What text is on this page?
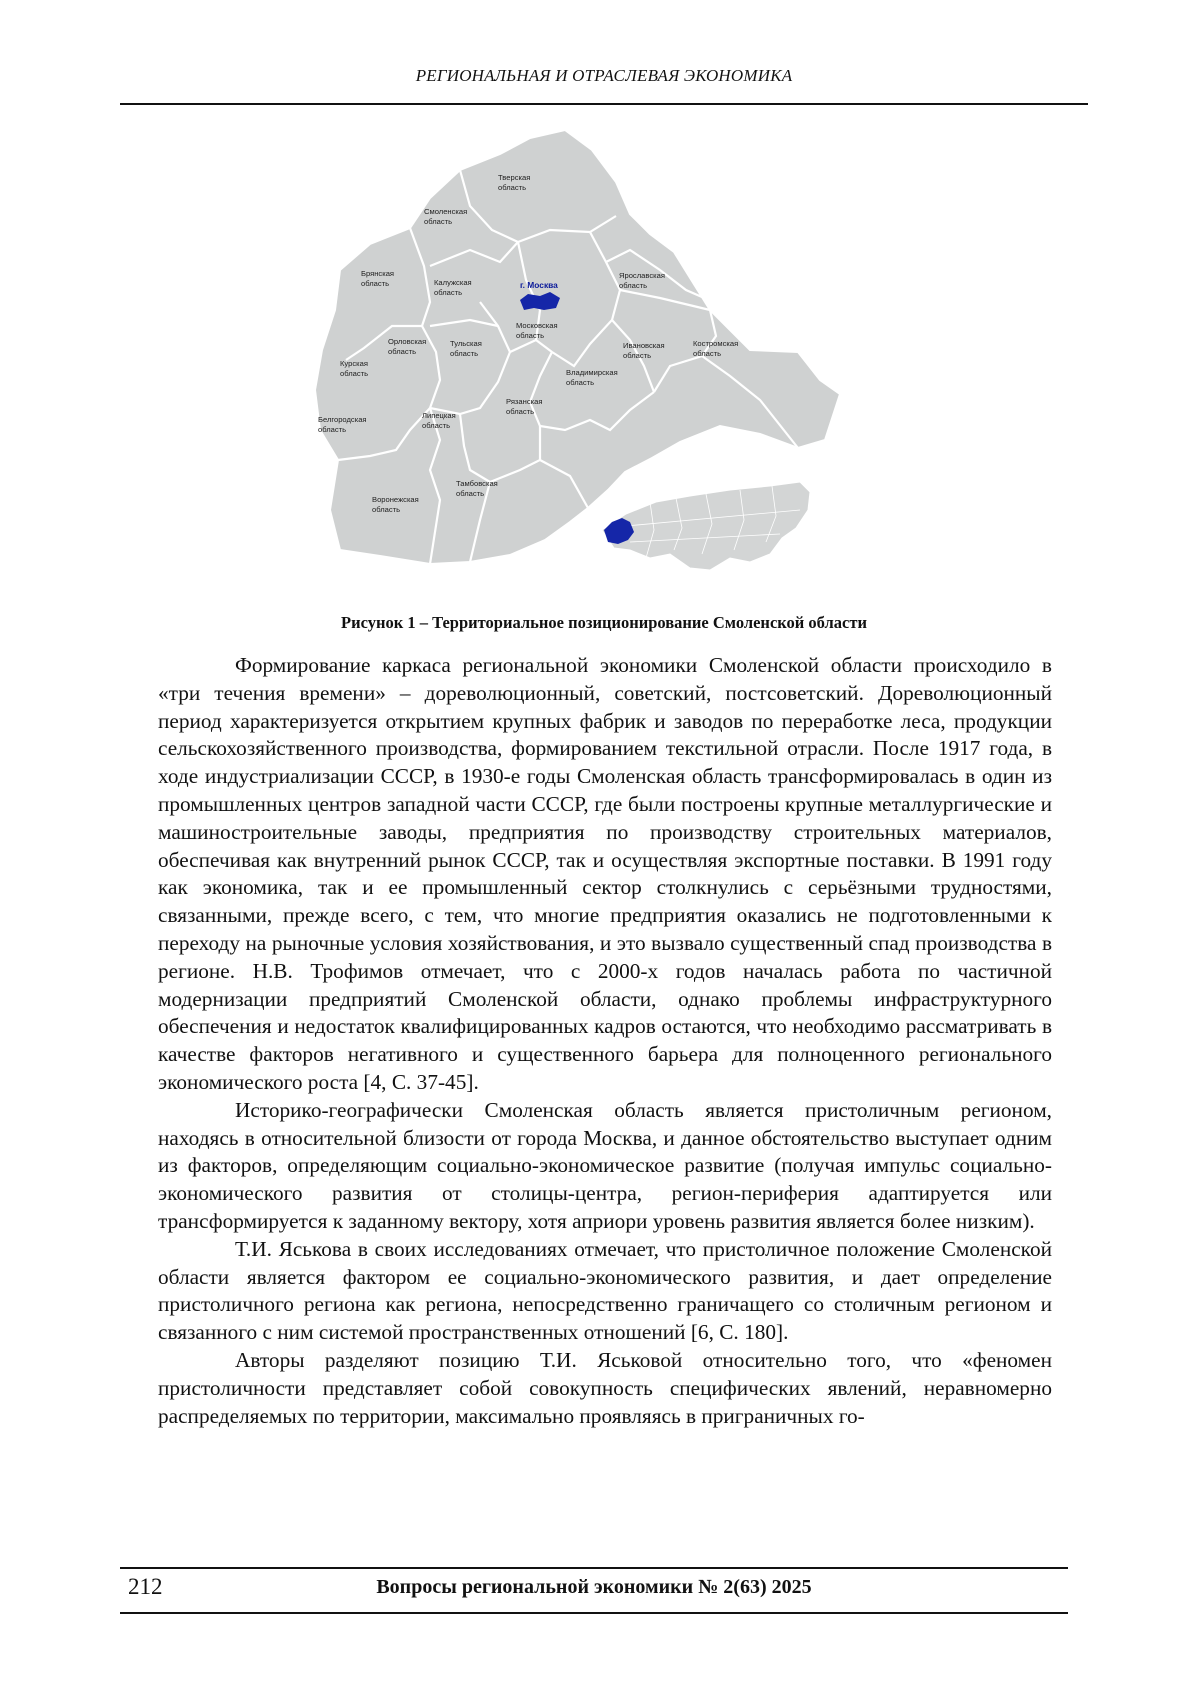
РЕГИОНАЛЬНАЯ И ОТРАСЛЕВАЯ ЭКОНОМИКА
г. Москва
Тверская
область
Смоленская
область
Брянская
область	Калужская
область
Ярославская
область
Московская
область
Орловская
область
Тульская
область
Ивановская
область
Костромская
область
Курская
область	Владимирская
область
Рязанская
область
Белгородская
область
Липецкая
область
Тамбовская
область
Воронежская
область
Рисунок 1 – Территориальное позиционирование Смоленской области

Формирование каркаса региональной экономики Смоленской области происходило в «три течения времени» – дореволюционный, советский, постсоветский. Дореволюционный период характеризуется открытием крупных фабрик и заводов по переработке леса, продукции сельскохозяйственного производства, формированием текстильной отрасли. После 1917 года, в ходе индустриализации СССР, в 1930-е годы Смоленская область трансформировалась в один из промышленных центров западной части СССР, где были построены крупные металлургические и машиностроительные заводы, предприятия по производству строительных материалов, обеспечивая как внутренний рынок СССР, так и осуществляя экспортные поставки. В 1991 году как экономика, так и ее промышленный сектор столкнулись с серьёзными трудностями, связанными, прежде всего, с тем, что многие предприятия оказались не подготовленными к переходу на рыночные условия хозяйствования, и это вызвало существенный спад производства в регионе. Н.В. Трофимов отмечает, что с 2000-х годов началась работа по частичной модернизации предприятий Смоленской области, однако проблемы инфраструктурного обеспечения и недостаток квалифицированных кадров остаются, что необходимо рассматривать в качестве факторов негативного и существенного барьера для полноценного регионального экономического роста [4, С. 37-45].

Историко-географически Смоленская область является пристоличным регионом, находясь в относительной близости от города Москва, и данное обстоятельство выступает одним из факторов, определяющим социально-экономическое развитие (получая импульс социально-экономического развития от столицы-центра, регион-периферия адаптируется или трансформируется к заданному вектору, хотя априори уровень развития является более низким).

Т.И. Яськова в своих исследованиях отмечает, что пристоличное положение Смоленской области является фактором ее социально-экономического развития, и дает определение пристоличного региона как региона, непосредственно граничащего со столичным регионом и связанного с ним системой пространственных отношений [6, С. 180].

Авторы разделяют позицию Т.И. Яськовой относительно того, что «феномен пристоличности представляет собой совокупность специфических явлений, неравномерно распределяемых по территории, максимально проявляясь в приграничных го-

212	Вопросы региональной экономики № 2(63) 2025
